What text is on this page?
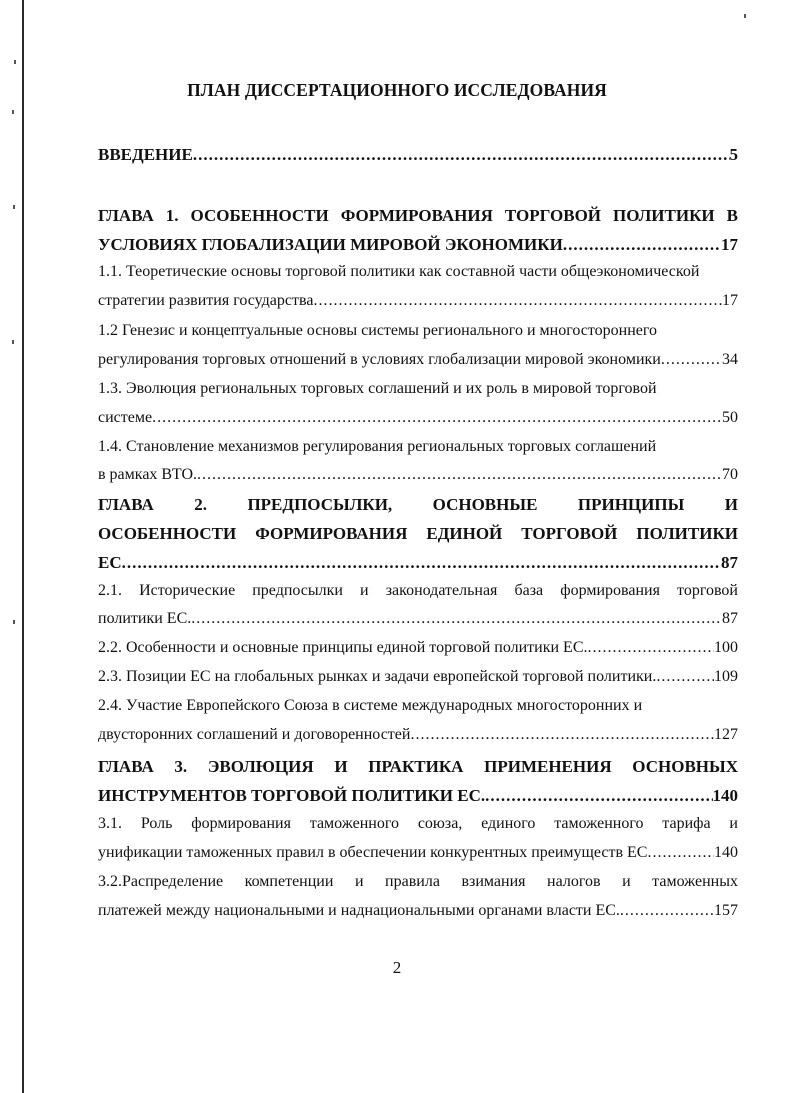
ПЛАН ДИССЕРТАЦИОННОГО ИССЛЕДОВАНИЯ
ВВЕДЕНИЕ .....	5
ГЛАВА 1. ОСОБЕННОСТИ ФОРМИРОВАНИЯ ТОРГОВОЙ ПОЛИТИКИ В
УСЛОВИЯХ ГЛОБАЛИЗАЦИИ МИРОВОЙ ЭКОНОМИКИ .....	17
1.1. Теоретические основы торговой политики как составной части общеэкономической
стратегии развития государства .....	17
1.2 Генезис и концептуальные основы системы регионального и многостороннего
регулирования торговых отношений в условиях глобализации мировой экономики .....	34
1.3. Эволюция региональных торговых соглашений и их роль в мировой торговой
системе .....	50
1.4. Становление механизмов регулирования региональных торговых соглашений
в рамках ВТО. .....	70
ГЛАВА 2. ПРЕДПОСЫЛКИ, ОСНОВНЫЕ ПРИНЦИПЫ И
ОСОБЕННОСТИ ФОРМИРОВАНИЯ ЕДИНОЙ ТОРГОВОЙ ПОЛИТИКИ
ЕС .....	87
2.1. Исторические предпосылки и законодательная база формирования торговой
политики ЕС. .....	87
2.2. Особенности и основные принципы единой торговой политики ЕС. .....	100
2.3. Позиции ЕС на глобальных рынках и задачи европейской торговой политики. .....	109
2.4. Участие Европейского Союза в системе международных многосторонних и
двусторонних соглашений и договоренностей .....	127
ГЛАВА 3. ЭВОЛЮЦИЯ И ПРАКТИКА ПРИМЕНЕНИЯ ОСНОВНЫХ
ИНСТРУМЕНТОВ ТОРГОВОЙ ПОЛИТИКИ ЕС. .....	140
3.1. Роль формирования таможенного союза, единого таможенного тарифа и
унификации таможенных правил в обеспечении конкурентных преимуществ ЕС .....	140
3.2.Распределение компетенции и правила взимания налогов и таможенных
платежей между национальными и наднациональными органами власти ЕС. .....	157
2
